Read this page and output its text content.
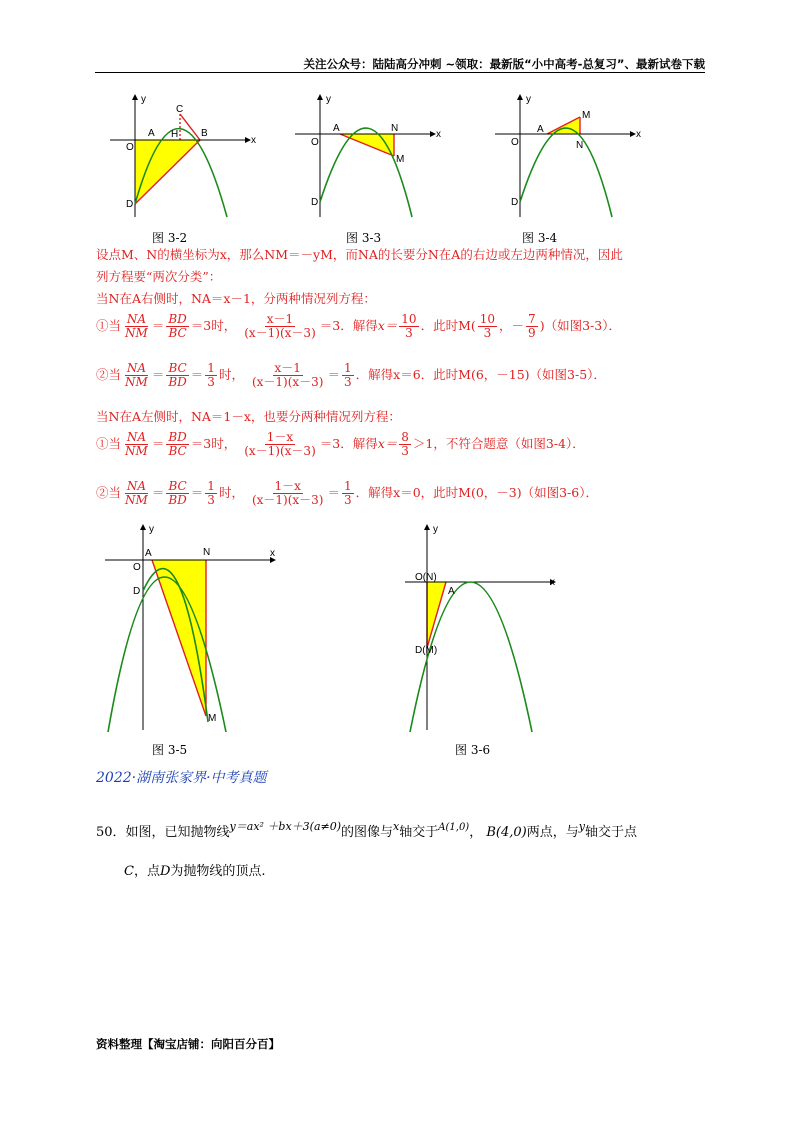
关注公众号：陆陆高分冲刺 ~领取：最新版“小中高考-总复习”、最新试卷下载
y
x
O
A	B
C
H
D
图 3-2
y
x
O
A	N
M
D
图 3-3
y
x
O
A
N
M
D
图 3-4
设点M、N的横坐标为x，那么NM＝－yM，而NA的长要分N在A的右边或左边两种情况，因此
列方程要“两次分类”：
当N在A右侧时，NA＝x－1，分两种情况列方程：
①当 $\frac{NA}{NM} = \frac{BD}{BC} =3$时， $\frac{x-1}{(x-1)(x-3)} =3$．解得$x= \frac{10}{3}$ ．此时$M( \frac{10}{3}$ ，－ $\frac{7}{9}$ )（如图3-3）．
②当 $\frac{NA}{NM} = \frac{BC}{BD} = \frac{1}{3}$ 时， $\frac{x-1}{(x-1)(x-3)} = \frac{1}{3}$ ．解得x＝6．此时M(6，－15)（如图3-5）．
当N在A左侧时，NA＝1－x，也要分两种情况列方程：
①当 $\frac{NA}{NM} = \frac{BD}{BC} =3$时， $\frac{1-x}{(x-1)(x-3)} =3$．解得$x= \frac{8}{3} >1$，不符合题意（如图3-4）．
②当 $\frac{NA}{NM} = \frac{BC}{BD} = \frac{1}{3}$ 时， $\frac{1-x}{(x-1)(x-3)} = \frac{1}{3}$ ．解得x＝0，此时M(0，－3)（如图3-6）．
y
x
O
A	N
M
D
图 3-5
y
x
O(N)
A
D(M)
图 3-6
2022·湖南张家界·中考真题
50．如图，已知抛物线$^{y=ax^2 +bx+3(a\ne 0)}$的图像与$^x$轴交于$^{A(1,0)}$， B(4,0)两点，与$^y$轴交于点
C，点D为抛物线的顶点.
资料整理【淘宝店铺：向阳百分百】
